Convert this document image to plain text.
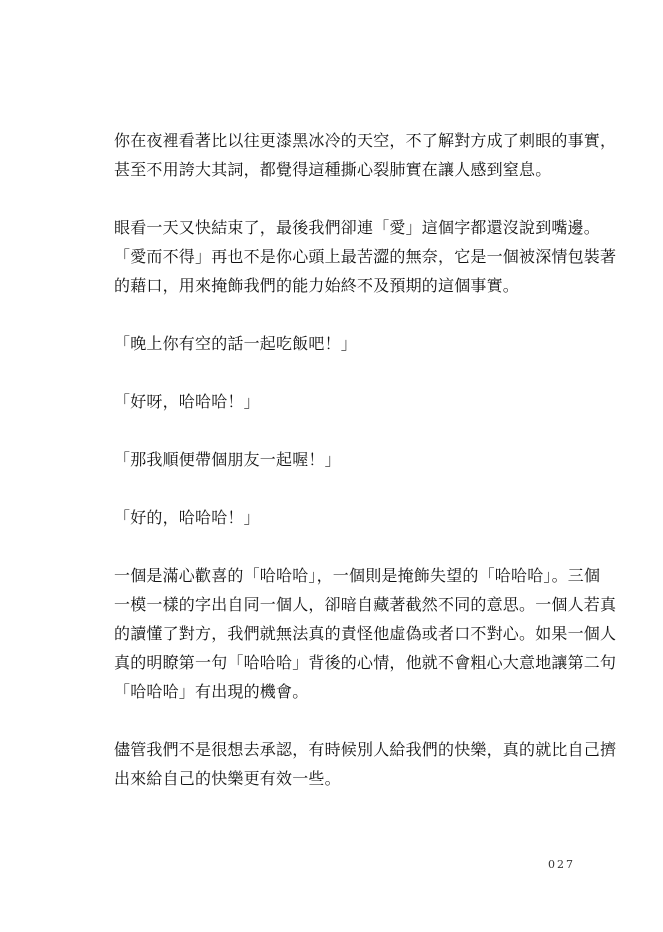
你在夜裡看著比以往更漆黑冰冷的天空，不了解對方成了刺眼的事實，
甚至不用誇大其詞，都覺得這種撕心裂肺實在讓人感到窒息。

眼看一天又快結束了，最後我們卻連「愛」這個字都還沒說到嘴邊。
「愛而不得」再也不是你心頭上最苦澀的無奈，它是一個被深情包裝著
的藉口，用來掩飾我們的能力始終不及預期的這個事實。

「晚上你有空的話一起吃飯吧！」

「好呀，哈哈哈！」

「那我順便帶個朋友一起喔！」

「好的，哈哈哈！」

一個是滿心歡喜的「哈哈哈」，一個則是掩飾失望的「哈哈哈」。三個
一模一樣的字出自同一個人，卻暗自藏著截然不同的意思。一個人若真
的讀懂了對方，我們就無法真的責怪他虛偽或者口不對心。如果一個人
真的明瞭第一句「哈哈哈」背後的心情，他就不會粗心大意地讓第二句
「哈哈哈」有出現的機會。

儘管我們不是很想去承認，有時候別人給我們的快樂，真的就比自己擠
出來給自己的快樂更有效一些。

027
